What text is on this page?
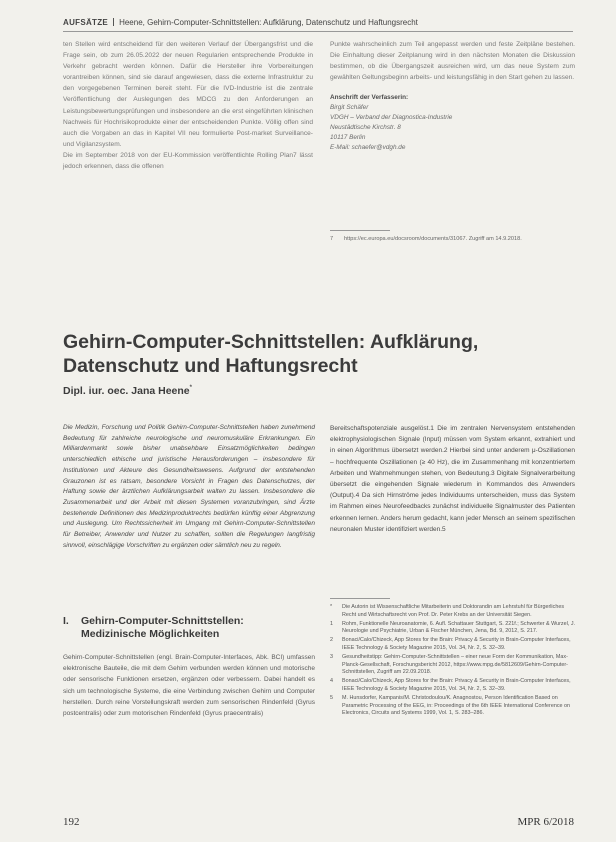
AUFSÄTZE Heene, Gehirn-Computer-Schnittstellen: Aufklärung, Datenschutz und Haftungsrecht

ten Stellen wird entscheidend für den weiteren Verlauf der Übergangsfrist und die Frage sein, ob zum 26.05.2022 der neuen Regularien entsprechende Produkte in Verkehr gebracht werden können. Dafür die Hersteller ihre Vorbereitungen vorantreiben können, sind sie darauf angewiesen, dass die externe Infrastruktur zu den vorgegebenen Terminen bereit steht. Für die IVD-Industrie ist die zentrale Veröffentlichung der Auslegungen des MDCG zu den Anforderungen an Leistungsbewertungsprüfungen und insbesondere an die erst eingeführten klinischen Nachweis für Hochrisikoprodukte einer der entscheidenden Punkte. Völlig offen sind auch die Vorgaben an das in Kapitel VII neu formulierte Post-market Surveillance- und Vigilanzsystem.

Die im September 2018 von der EU-Kommission veröffentlichte Rolling Plan7 lässt jedoch erkennen, dass die offenen

Punkte wahrscheinlich zum Teil angepasst werden und feste Zeitpläne bestehen. Die Einhaltung dieser Zeitplanung wird in den nächsten Monaten die Diskussion bestimmen, ob die Übergangszeit ausreichen wird, um das neue System zum gewählten Geltungsbeginn arbeits- und leistungsfähig in den Start gehen zu lassen.

Anschrift der Verfasserin:
Birgit Schäfer
VDGH – Verband der Diagnostica-Industrie
Neustädtische Kirchstr. 8
10117 Berlin
E-Mail: schaefer@vdgh.de
7 https://ec.europa.eu/docsroom/documents/31067. Zugriff am 14.9.2018.
Gehirn-Computer-Schnittstellen: Aufklärung, Datenschutz und Haftungsrecht
Dipl. iur. oec. Jana Heene*

Die Medizin, Forschung und Politik Gehirn-Computer-Schnittstellen haben zunehmend Bedeutung für zahlreiche neurologische und neuromuskuläre Erkrankungen. Ein Milliardenmarkt sowie bisher unabsehbare Einsatzmöglichkeiten bedingen unterschiedlich ethische und juristische Herausforderungen – insbesondere für Institutionen und Akteure des Gesundheitswesens. Aufgrund der entstehenden Grauzonen ist es ratsam, besondere Vorsicht in Fragen des Datenschutzes, der Haftung sowie der ärztlichen Aufklärungsarbeit walten zu lassen. Insbesondere die Zusammenarbeit und der Arbeit mit diesen Systemen voranzubringen, sind Ärzte bestehende Definitionen des Medizinproduktrechts bedürfen künftig einer Abgrenzung und Auslegung. Um Rechtssicherheit im Umgang mit Gehirn-Computer-Schnittstellen für Betreiber, Anwender und Nutzer zu schaffen, sollten die Regelungen langfristig sinnvoll, einschlägige Vorschriften zu ergänzen oder sämtlich neu zu regeln.

I. Gehirn-Computer-Schnittstellen:
Medizinische Möglichkeiten

Gehirn-Computer-Schnittstellen (engl. Brain-Computer-Interfaces, Abk. BCI) umfassen elektronische Bauteile, die mit dem Gehirn verbunden werden können und motorische oder sensorische Funktionen ersetzen, ergänzen oder verbessern. Dabei handelt es sich um technologische Systeme, die eine Verbindung zwischen Gehirn und Computer herstellen. Durch reine Vorstellungskraft werden zum sensorischen Rindenfeld (Gyrus postcentralis) oder zum motorischen Rindenfeld (Gyrus praecentralis)

Bereitschaftspotenziale ausgelöst.1 Die im zentralen Nervensystem entstehenden elektrophysiologischen Signale (Input) müssen vom System erkannt, extrahiert und in einen Algorithmus übersetzt werden.2 Hierbei sind unter anderem μ-Oszillationen – hochfrequente Oszillationen (≥ 40 Hz), die im Zusammenhang mit konzentriertem Arbeiten und Wahrnehmungen stehen, von Bedeutung.3 Digitale Signalverarbeitung übersetzt die eingehenden Signale wiederum in Kommandos des Anwenders (Output).4 Da sich Hirnströme jedes Individuums unterscheiden, muss das System im Rahmen eines Neurofeedbacks zunächst individuelle Signalmuster des Patienten erkennen lernen. Anders herum gedacht, kann jeder Mensch an seinem spezifischen neuronalen Muster identifiziert werden.5

*	Die Autorin ist Wissenschaftliche Mitarbeiterin und Doktorandin am Lehrstuhl für Bürgerliches Recht und Wirtschaftsrecht von Prof. Dr. Peter Krebs an der Universität Siegen.
1	Rohm, Funktionelle Neuroanatomie, 6. Aufl. Schattauer Stuttgart, S. 221f.; Schwerter & Wurzel, J. Neurologie und Psychiatrie, Urban & Fischer München, Jena, Bd. 9, 2012, S. 217.
2	Bonaci/Calo/Chizeck, App Stores for the Brain: Privacy & Security in Brain-Computer Interfaces, IEEE Technology & Society Magazine 2015, Vol. 34, Nr. 2, S. 32–39.
3	Gesundheitstipp: Gehirn-Computer-Schnittstellen – einer neue Form der Kommunikation, Max-Planck-Gesellschaft, Forschungsbericht 2012, https://www.mpg.de/5812609/Gehirn-Computer-Schnittstellen, Zugriff am 22.09.2018.
4	Bonaci/Calo/Chizeck, App Stores for the Brain: Privacy & Security in Brain-Computer Interfaces, IEEE Technology & Society Magazine 2015, Vol. 34, Nr. 2, S. 32–39.
5	M. Hunsdorfer, Kampanis/M. Christodoulou/K. Anagnostou, Person Identification Based on Parametric Processing of the EEG, in: Proceedings of the 6th IEEE International Conference on Electronics, Circuits and Systems 1999, Vol. 1, S. 283–286.
192	MPR 6/2018
